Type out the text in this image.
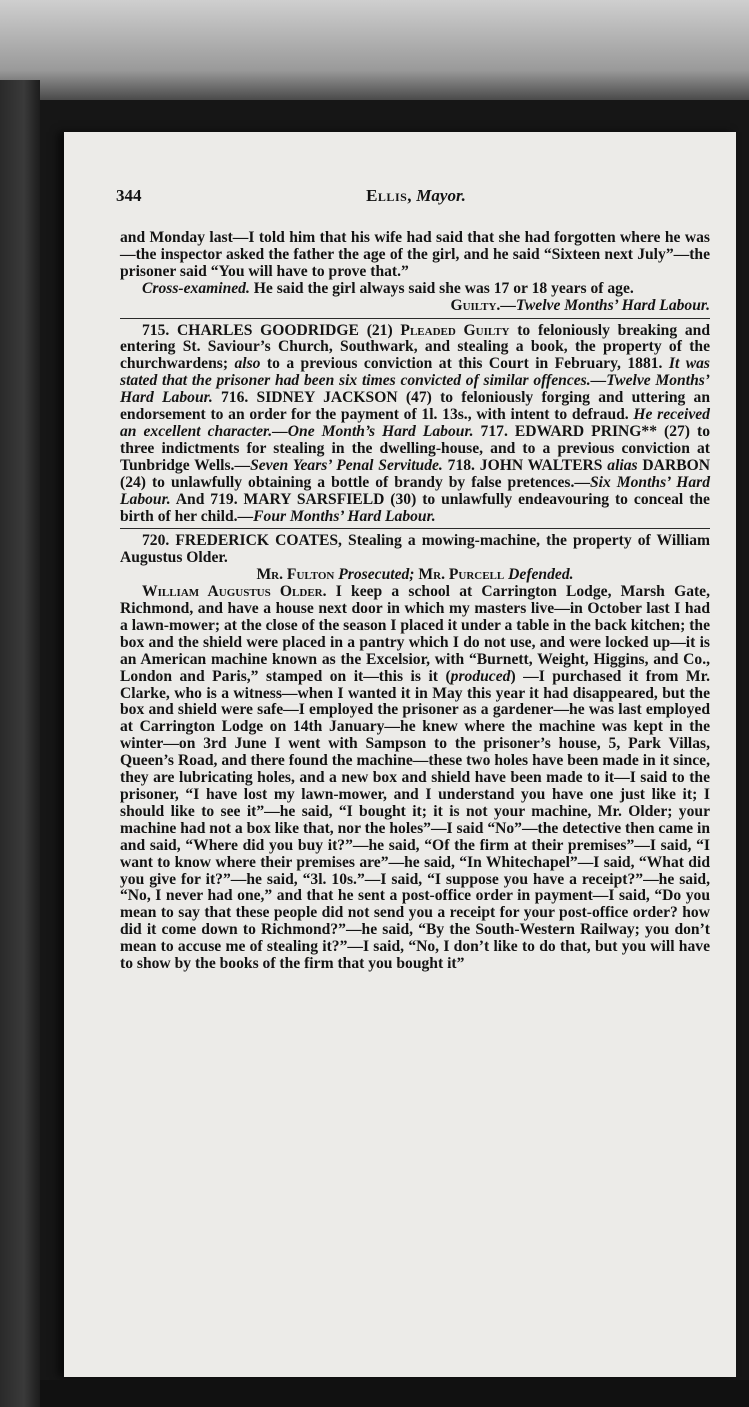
344	Ellis, Mayor.

and Monday last—I told him that his wife had said that she had forgotten where he was—the inspector asked the father the age of the girl, and he said “Sixteen next July”—the prisoner said “You will have to prove that.”

Cross-examined. He said the girl always said she was 17 or 18 years of age.

Guilty.—Twelve Months’ Hard Labour.

715. CHARLES GOODRIDGE (21) Pleaded Guilty to feloniously breaking and entering St. Saviour’s Church, Southwark, and stealing a book, the property of the churchwardens; also to a previous conviction at this Court in February, 1881. It was stated that the prisoner had been six times convicted of similar offences.—Twelve Months’ Hard Labour. 716. SIDNEY JACKSON (47) to feloniously forging and uttering an endorsement to an order for the payment of 1l. 13s., with intent to defraud. He received an excellent character.—One Month’s Hard Labour. 717. EDWARD PRING** (27) to three indictments for stealing in the dwelling-house, and to a previous conviction at Tunbridge Wells.—Seven Years’ Penal Servitude. 718. JOHN WALTERS alias DARBON (24) to unlawfully obtaining a bottle of brandy by false pretences.—Six Months’ Hard Labour. And 719. MARY SARSFIELD (30) to unlawfully endeavouring to conceal the birth of her child.—Four Months’ Hard Labour.

720. FREDERICK COATES, Stealing a mowing-machine, the property of William Augustus Older.

Mr. Fulton Prosecuted; Mr. Purcell Defended.

William Augustus Older. I keep a school at Carrington Lodge, Marsh Gate, Richmond, and have a house next door in which my masters live—in October last I had a lawn-mower; at the close of the season I placed it under a table in the back kitchen; the box and the shield were placed in a pantry which I do not use, and were locked up—it is an American machine known as the Excelsior, with “Burnett, Weight, Higgins, and Co., London and Paris,” stamped on it—this is it (produced) —I purchased it from Mr. Clarke, who is a witness—when I wanted it in May this year it had disappeared, but the box and shield were safe—I employed the prisoner as a gardener—he was last employed at Carrington Lodge on 14th January—he knew where the machine was kept in the winter—on 3rd June I went with Sampson to the prisoner’s house, 5, Park Villas, Queen’s Road, and there found the machine—these two holes have been made in it since, they are lubricating holes, and a new box and shield have been made to it—I said to the prisoner, “I have lost my lawn-mower, and I understand you have one just like it; I should like to see it”—he said, “I bought it; it is not your machine, Mr. Older; your machine had not a box like that, nor the holes”—I said “No”—the detective then came in and said, “Where did you buy it?”—he said, “Of the firm at their premises”—I said, “I want to know where their premises are”—he said, “In Whitechapel”—I said, “What did you give for it?”—he said, “3l. 10s.”—I said, “I suppose you have a receipt?”—he said, “No, I never had one,” and that he sent a post-office order in payment—I said, “Do you mean to say that these people did not send you a receipt for your post-office order? how did it come down to Richmond?”—he said, “By the South-Western Railway; you don’t mean to accuse me of stealing it?”—I said, “No, I don’t like to do that, but you will have to show by the books of the firm that you bought it”
